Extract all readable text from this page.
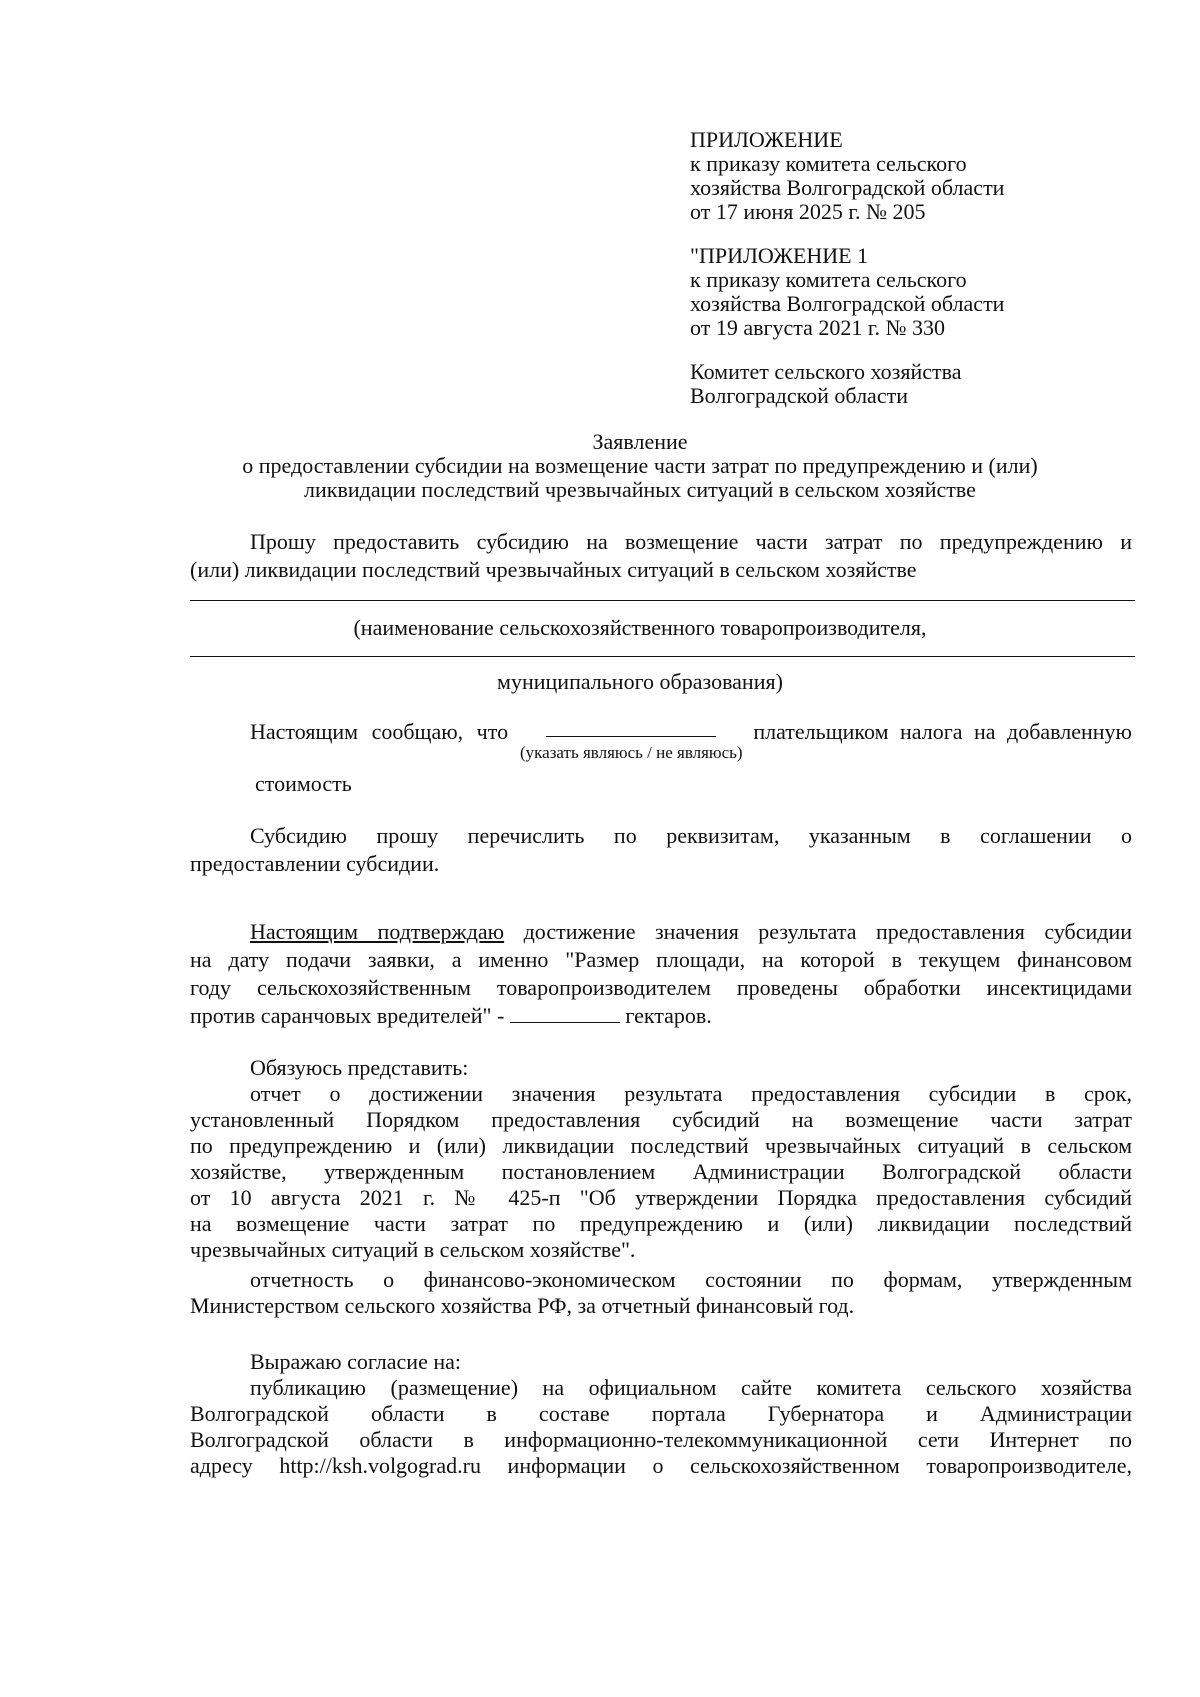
ПРИЛОЖЕНИЕ
к приказу комитета сельского
хозяйства Волгоградской области
от 17 июня 2025 г. № 205
"ПРИЛОЖЕНИЕ 1
к приказу комитета сельского
хозяйства Волгоградской области
от 19 августа 2021 г. № 330
Комитет сельского хозяйства
Волгоградской области
Заявление
о предоставлении субсидии на возмещение части затрат по предупреждению и (или)
ликвидации последствий чрезвычайных ситуаций в сельском хозяйстве
Прошу предоставить субсидию на возмещение части затрат по предупреждению и
(или) ликвидации последствий чрезвычайных ситуаций в сельском хозяйстве
(наименование сельскохозяйственного товаропроизводителя,
муниципального образования)
Настоящим сообщаю, что	плательщиком налога на добавленную
(указать являюсь / не являюсь)
стоимость
Субсидию прошу перечислить по реквизитам, указанным в соглашении о
предоставлении субсидии.
Настоящим подтверждаю достижение значения результата предоставления субсидии
на дату подачи заявки, а именно "Размер площади, на которой в текущем финансовом
году сельскохозяйственным товаропроизводителем проведены обработки инсектицидами
против саранчовых вредителей" -	гектаров.
Обязуюсь представить:
отчет о достижении значения результата предоставления субсидии в срок,
установленный Порядком предоставления субсидий на возмещение части затрат
по предупреждению и (или) ликвидации последствий чрезвычайных ситуаций в сельском
хозяйстве, утвержденным постановлением Администрации Волгоградской области
от 10 августа 2021 г. № 425-п "Об утверждении Порядка предоставления субсидий
на возмещение части затрат по предупреждению и (или) ликвидации последствий
чрезвычайных ситуаций в сельском хозяйстве".
отчетность о финансово-экономическом состоянии по формам, утвержденным
Министерством сельского хозяйства РФ, за отчетный финансовый год.
Выражаю согласие на:
публикацию (размещение) на официальном сайте комитета сельского хозяйства
Волгоградской области в составе портала Губернатора и Администрации
Волгоградской области в информационно-телекоммуникационной сети Интернет по
адресу http://ksh.volgograd.ru информации о сельскохозяйственном товаропроизводителе,
